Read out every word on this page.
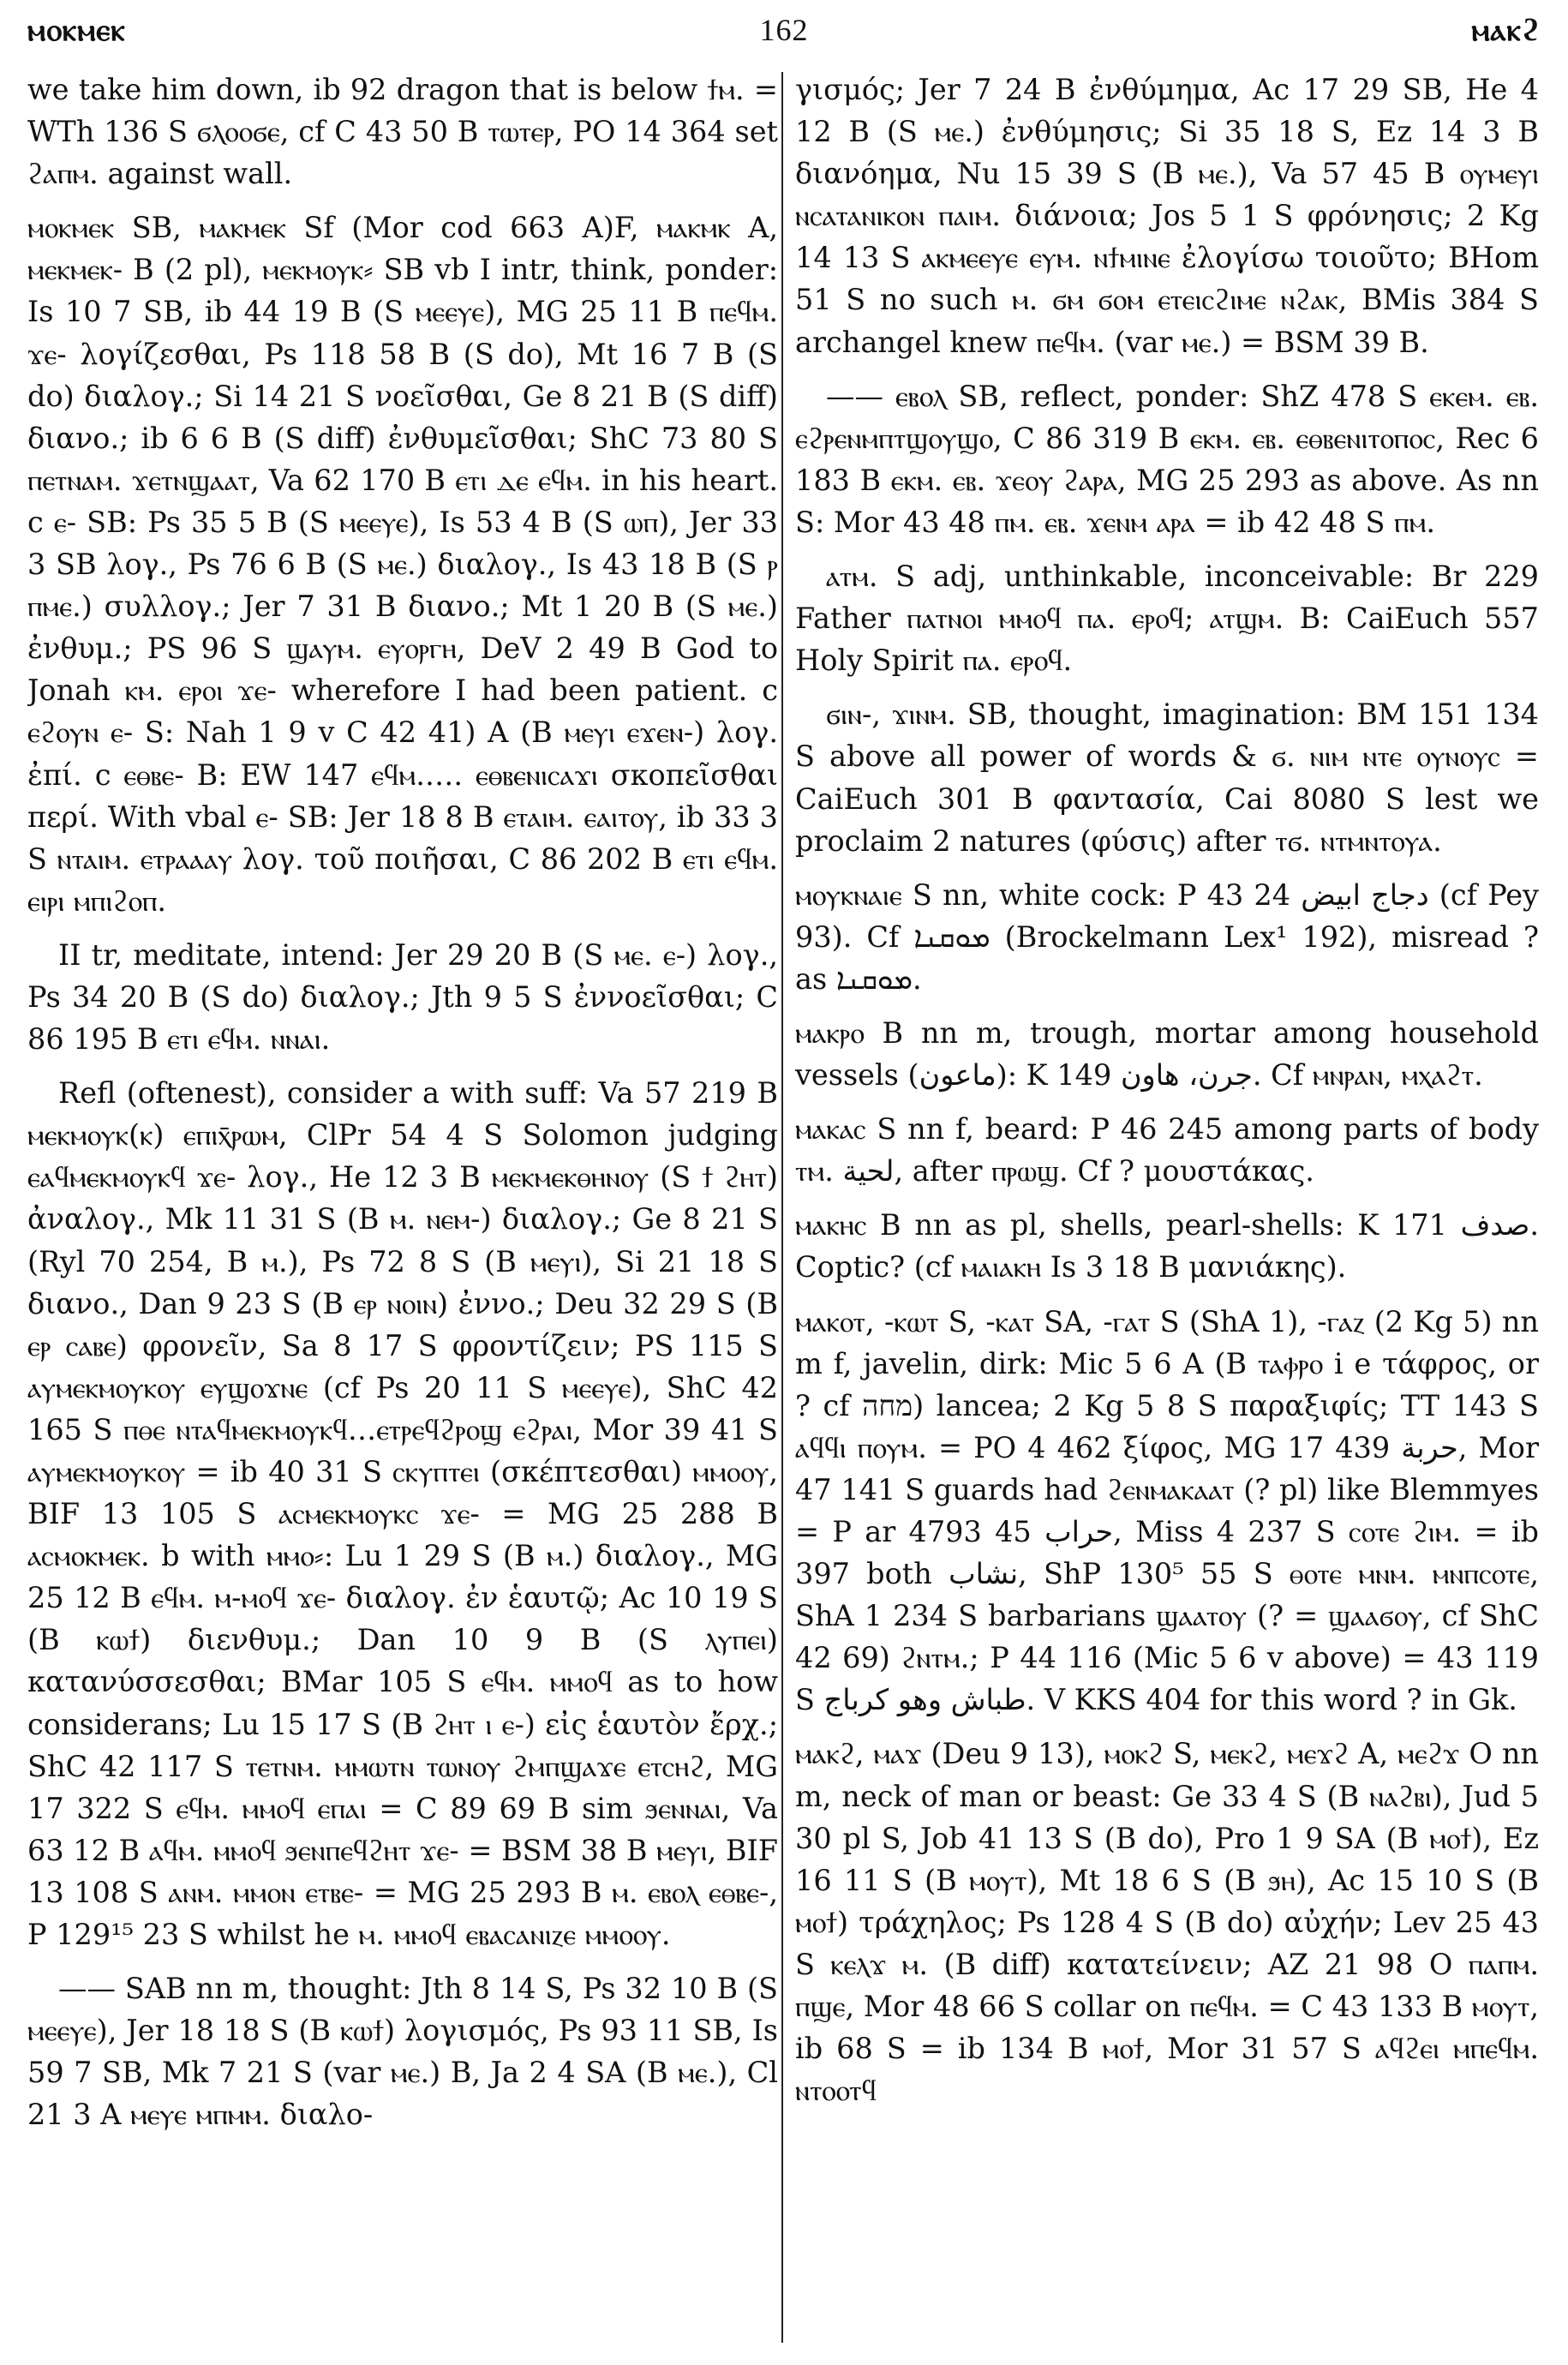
162
ⲙⲟⲕⲙⲉⲕ	ⲙⲁⲕϩ

we take him down, ib 92 dragon that is below ϯⲙ. = WTh 136 S ϭⲗⲟⲟϭⲉ, cf C 43 50 B ⲧⲱⲧⲉⲣ, PO 14 364 set ϩⲁⲡⲙ. against wall.

ⲙⲟⲕⲙⲉⲕ SB, ⲙⲁⲕⲙⲉⲕ Sf (Mor cod 663 A)F, ⲙⲁⲕⲙⲕ A, ⲙⲉⲕⲙⲉⲕ- B (2 pl), ⲙⲉⲕⲙⲟⲩⲕ⸗ SB vb I intr, think, ponder: Is 10 7 SB, ib 44 19 B (S ⲙⲉⲉⲩⲉ), MG 25 11 B ⲡⲉϥⲙ. ϫⲉ- λογίζεσθαι, Ps 118 58 B (S do), Mt 16 7 B (S do) διαλογ.; Si 14 21 S νοεῖσθαι, Ge 8 21 B (S diff) διανο.; ib 6 6 B (S diff) ἐνθυμεῖσθαι; ShC 73 80 S ⲡⲉⲧⲛⲁⲙ. ϫⲉⲧⲛϣⲁⲁⲧ, Va 62 170 B ⲉⲧⲓ ⲇⲉ ⲉϥⲙ. in his heart. c ⲉ- SB: Ps 35 5 B (S ⲙⲉⲉⲩⲉ), Is 53 4 B (S ⲱⲡ), Jer 33 3 SB λογ., Ps 76 6 B (S ⲙⲉ.) διαλογ., Is 43 18 B (S ⲣ ⲡⲙⲉ.) συλλογ.; Jer 7 31 B διανο.; Mt 1 20 B (S ⲙⲉ.) ἐνθυμ.; PS 96 S ϣⲁⲩⲙ. ⲉⲩⲟⲣⲅⲏ, DeV 2 49 B God to Jonah ⲕⲙ. ⲉⲣⲟⲓ ϫⲉ- wherefore I had been patient. c ⲉϩⲟⲩⲛ ⲉ- S: Nah 1 9 v C 42 41) A (B ⲙⲉⲩⲓ ⲉϫⲉⲛ-) λογ. ἐπί. c ⲉⲑⲃⲉ- B: EW 147 ⲉϥⲙ.…. ⲉⲑⲃⲉⲛⲓⲥⲁϫⲓ σκοπεῖσθαι περί. With vbal ⲉ- SB: Jer 18 8 B ⲉⲧⲁⲓⲙ. ⲉⲁⲓⲧⲟⲩ, ib 33 3 S ⲛⲧⲁⲓⲙ. ⲉⲧⲣⲁⲁⲁⲩ λογ. τοῦ ποιῆσαι, C 86 202 B ⲉⲧⲓ ⲉϥⲙ. ⲉⲓⲣⲓ ⲙⲡⲓϩⲟⲡ.

II tr, meditate, intend: Jer 29 20 B (S ⲙⲉ. ⲉ-) λογ., Ps 34 20 B (S do) διαλογ.; Jth 9 5 S ἐννοεῖσθαι; C 86 195 B ⲉⲧⲓ ⲉϥⲙ. ⲛⲛⲁⲓ.

Refl (oftenest), consider a with suff: Va 57 219 B ⲙⲉⲕⲙⲟⲩⲕ(ⲕ) ⲉⲡⲓⲭ̄ⲣⲱⲙ, ClPr 54 4 S Solomon judging ⲉⲁϥⲙⲉⲕⲙⲟⲩⲕϥ ϫⲉ- λογ., He 12 3 B ⲙⲉⲕⲙⲉⲕⲑⲏⲛⲟⲩ (S ϯ ϩⲏⲧ) ἀναλογ., Mk 11 31 S (B ⲙ. ⲛⲉⲙ-) διαλογ.; Ge 8 21 S (Ryl 70 254, B ⲙ.), Ps 72 8 S (B ⲙⲉⲩⲓ), Si 21 18 S διανο., Dan 9 23 S (B ⲉⲣ ⲛⲟⲓⲛ) ἐννο.; Deu 32 29 S (B ⲉⲣ ⲥⲁⲃⲉ) φρονεῖν, Sa 8 17 S φροντίζειν; PS 115 S ⲁⲩⲙⲉⲕⲙⲟⲩⲕⲟⲩ ⲉⲩϣⲟϫⲛⲉ (cf Ps 20 11 S ⲙⲉⲉⲩⲉ), ShC 42 165 S ⲡⲑⲉ ⲛⲧⲁϥⲙⲉⲕⲙⲟⲩⲕϥ…ⲉⲧⲣⲉϥϩⲣⲟϣ ⲉϩⲣⲁⲓ, Mor 39 41 S ⲁⲩⲙⲉⲕⲙⲟⲩⲕⲟⲩ = ib 40 31 S ⲥⲕⲩⲡⲧⲉⲓ (σκέπτεσθαι) ⲙⲙⲟⲟⲩ, BIF 13 105 S ⲁⲥⲙⲉⲕⲙⲟⲩⲕⲥ ϫⲉ- = MG 25 288 B ⲁⲥⲙⲟⲕⲙⲉⲕ. b with ⲙⲙⲟ⸗: Lu 1 29 S (B ⲙ.) διαλογ., MG 25 12 B ⲉϥⲙ. ⲙ-ⲙⲟϥ ϫⲉ- διαλογ. ἐν ἑαυτῷ; Ac 10 19 S (B ⲕⲱϯ) διενθυμ.; Dan 10 9 B (S ⲗⲩⲡⲉⲓ) κατανύσσεσθαι; BMar 105 S ⲉϥⲙ. ⲙⲙⲟϥ as to how considerans; Lu 15 17 S (B ϩⲏⲧ ⲓ ⲉ-) εἰς ἑαυτὸν ἔρχ.; ShC 42 117 S ⲧⲉⲧⲛⲙ. ⲙⲙⲱⲧⲛ ⲧⲱⲛⲟⲩ ϩⲙⲡϣⲁϫⲉ ⲉⲧⲥⲏϩ, MG 17 322 S ⲉϥⲙ. ⲙⲙⲟϥ ⲉⲡⲁⲓ = C 89 69 B sim ϧⲉⲛⲛⲁⲓ, Va 63 12 B ⲁϥⲙ. ⲙⲙⲟϥ ϧⲉⲛⲡⲉϥϩⲏⲧ ϫⲉ- = BSM 38 B ⲙⲉⲩⲓ, BIF 13 108 S ⲁⲛⲙ. ⲙⲙⲟⲛ ⲉⲧⲃⲉ- = MG 25 293 B ⲙ. ⲉⲃⲟⲗ ⲉⲑⲃⲉ-, P 129¹⁵ 23 S whilst he ⲙ. ⲙⲙⲟϥ ⲉⲃⲁⲥⲁⲛⲓⲍⲉ ⲙⲙⲟⲟⲩ.

—— SAB nn m, thought: Jth 8 14 S, Ps 32 10 B (S ⲙⲉⲉⲩⲉ), Jer 18 18 S (B ⲕⲱϯ) λογισμός, Ps 93 11 SB, Is 59 7 SB, Mk 7 21 S (var ⲙⲉ.) B, Ja 2 4 SA (B ⲙⲉ.), Cl 21 3 A ⲙⲉⲩⲉ ⲙⲡⲙⲙ. διαλο-

γισμός; Jer 7 24 B ἐνθύμημα, Ac 17 29 SB, He 4 12 B (S ⲙⲉ.) ἐνθύμησις; Si 35 18 S, Ez 14 3 B διανόημα, Nu 15 39 S (B ⲙⲉ.), Va 57 45 B ⲟⲩⲙⲉⲩⲓ ⲛⲥⲁⲧⲁⲛⲓⲕⲟⲛ ⲡⲁⲓⲙ. διάνοια; Jos 5 1 S φρόνησις; 2 Kg 14 13 S ⲁⲕⲙⲉⲉⲩⲉ ⲉⲩⲙ. ⲛϯⲙⲓⲛⲉ ἐλογίσω τοιοῦτο; BHom 51 S no such ⲙ. ϭⲙ ϭⲟⲙ ⲉⲧⲉⲓⲥϩⲓⲙⲉ ⲛϩⲁⲕ, BMis 384 S archangel knew ⲡⲉϥⲙ. (var ⲙⲉ.) = BSM 39 B.

—— ⲉⲃⲟⲗ SB, reflect, ponder: ShZ 478 S ⲉⲕⲉⲙ. ⲉⲃ. ⲉϩⲣⲉⲛⲙⲡⲧϣⲟⲩϣⲟ, C 86 319 B ⲉⲕⲙ. ⲉⲃ. ⲉⲑⲃⲉⲛⲓⲧⲟⲡⲟⲥ, Rec 6 183 B ⲉⲕⲙ. ⲉⲃ. ϫⲉⲟⲩ ϩⲁⲣⲁ, MG 25 293 as above. As nn S: Mor 43 48 ⲡⲙ. ⲉⲃ. ϫⲉⲛⲙ ⲁⲣⲁ = ib 42 48 S ⲡⲙ.

ⲁⲧⲙ. S adj, unthinkable, inconceivable: Br 229 Father ⲡⲁⲧⲛⲟⲓ ⲙⲙⲟϥ ⲡⲁ. ⲉⲣⲟϥ; ⲁⲧϣⲙ. B: CaiEuch 557 Holy Spirit ⲡⲁ. ⲉⲣⲟϥ.

ϭⲓⲛ-, ϫⲓⲛⲙ. SB, thought, imagination: BM 151 134 S above all power of words & ϭ. ⲛⲓⲙ ⲛⲧⲉ ⲟⲩⲛⲟⲩⲥ = CaiEuch 301 B φαντασία, Cai 8080 S lest we proclaim 2 natures (φύσις) after ⲧϭ. ⲛⲧⲙⲛⲧⲟⲩⲁ.

ⲙⲟⲩⲕⲛⲁⲓⲉ S nn, white cock: P 43 24 دجاج ابيض (cf Pey 93). Cf ܡܘܩܢܐ (Brockelmann Lex¹ 192), misread ? as ܡܘܩܢܐ.

ⲙⲁⲕⲣⲟ B nn m, trough, mortar among household vessels (ماعون): K 149 جرن، هاون. Cf ⲙⲛⲣⲁⲛ, ⲙⲭⲁϩⲧ.

ⲙⲁⲕⲁⲥ S nn f, beard: P 46 245 among parts of body ⲧⲙ. لحية, after ⲡⲣⲱϣ. Cf ? μουστάκας.

ⲙⲁⲕⲏⲥ B nn as pl, shells, pearl-shells: K 171 صدف. Coptic? (cf ⲙⲁⲓⲁⲕⲏ Is 3 18 B μανιάκης).

ⲙⲁⲕⲟⲧ, -ⲕⲱⲧ S, -ⲕⲁⲧ SA, -ⲅⲁⲧ S (ShA 1), -ⲅⲁⲍ (2 Kg 5) nn m f, javelin, dirk: Mic 5 6 A (B ⲧⲁⲫⲣⲟ i e τάφρος, or ? cf מחה) lancea; 2 Kg 5 8 S παραξιφίς; TT 143 S ⲁϥϥⲓ ⲡⲟⲩⲙ. = PO 4 462 ξίφος, MG 17 439 حربة, Mor 47 141 S guards had ϩⲉⲛⲙⲁⲕⲁⲁⲧ (? pl) like Blemmyes = P ar 4793 45 حراب, Miss 4 237 S ⲥⲟⲧⲉ ϩⲓⲙ. = ib 397 both نشاب, ShP 130⁵ 55 S ⲑⲟⲧⲉ ⲙⲛⲙ. ⲙⲛⲡⲥⲟⲧⲉ, ShA 1 234 S barbarians ϣⲁⲁⲧⲟⲩ (? = ϣⲁⲁϭⲟⲩ, cf ShC 42 69) ϩⲛⲧⲙ.; P 44 116 (Mic 5 6 v above) = 43 119 S طباش وهو كرباج. V KKS 404 for this word ? in Gk.

ⲙⲁⲕϩ, ⲙⲁϫ (Deu 9 13), ⲙⲟⲕϩ S, ⲙⲉⲕϩ, ⲙⲉϫϩ A, ⲙⲉϩϫ O nn m, neck of man or beast: Ge 33 4 S (B ⲛⲁϩⲃⲓ), Jud 5 30 pl S, Job 41 13 S (B do), Pro 1 9 SA (B ⲙⲟϯ), Ez 16 11 S (B ⲙⲟⲩⲧ), Mt 18 6 S (B ϧⲏ), Ac 15 10 S (B ⲙⲟϯ) τράχηλος; Ps 128 4 S (B do) αὐχήν; Lev 25 43 S ⲕⲉⲗϫ ⲙ. (B diff) κατατείνειν; AZ 21 98 O ⲡⲁⲡⲙ. ⲡϣⲉ, Mor 48 66 S collar on ⲡⲉϥⲙ. = C 43 133 B ⲙⲟⲩⲧ, ib 68 S = ib 134 B ⲙⲟϯ, Mor 31 57 S ⲁϥϩⲉⲓ ⲙⲡⲉϥⲙ. ⲛⲧⲟⲟⲧϥ
